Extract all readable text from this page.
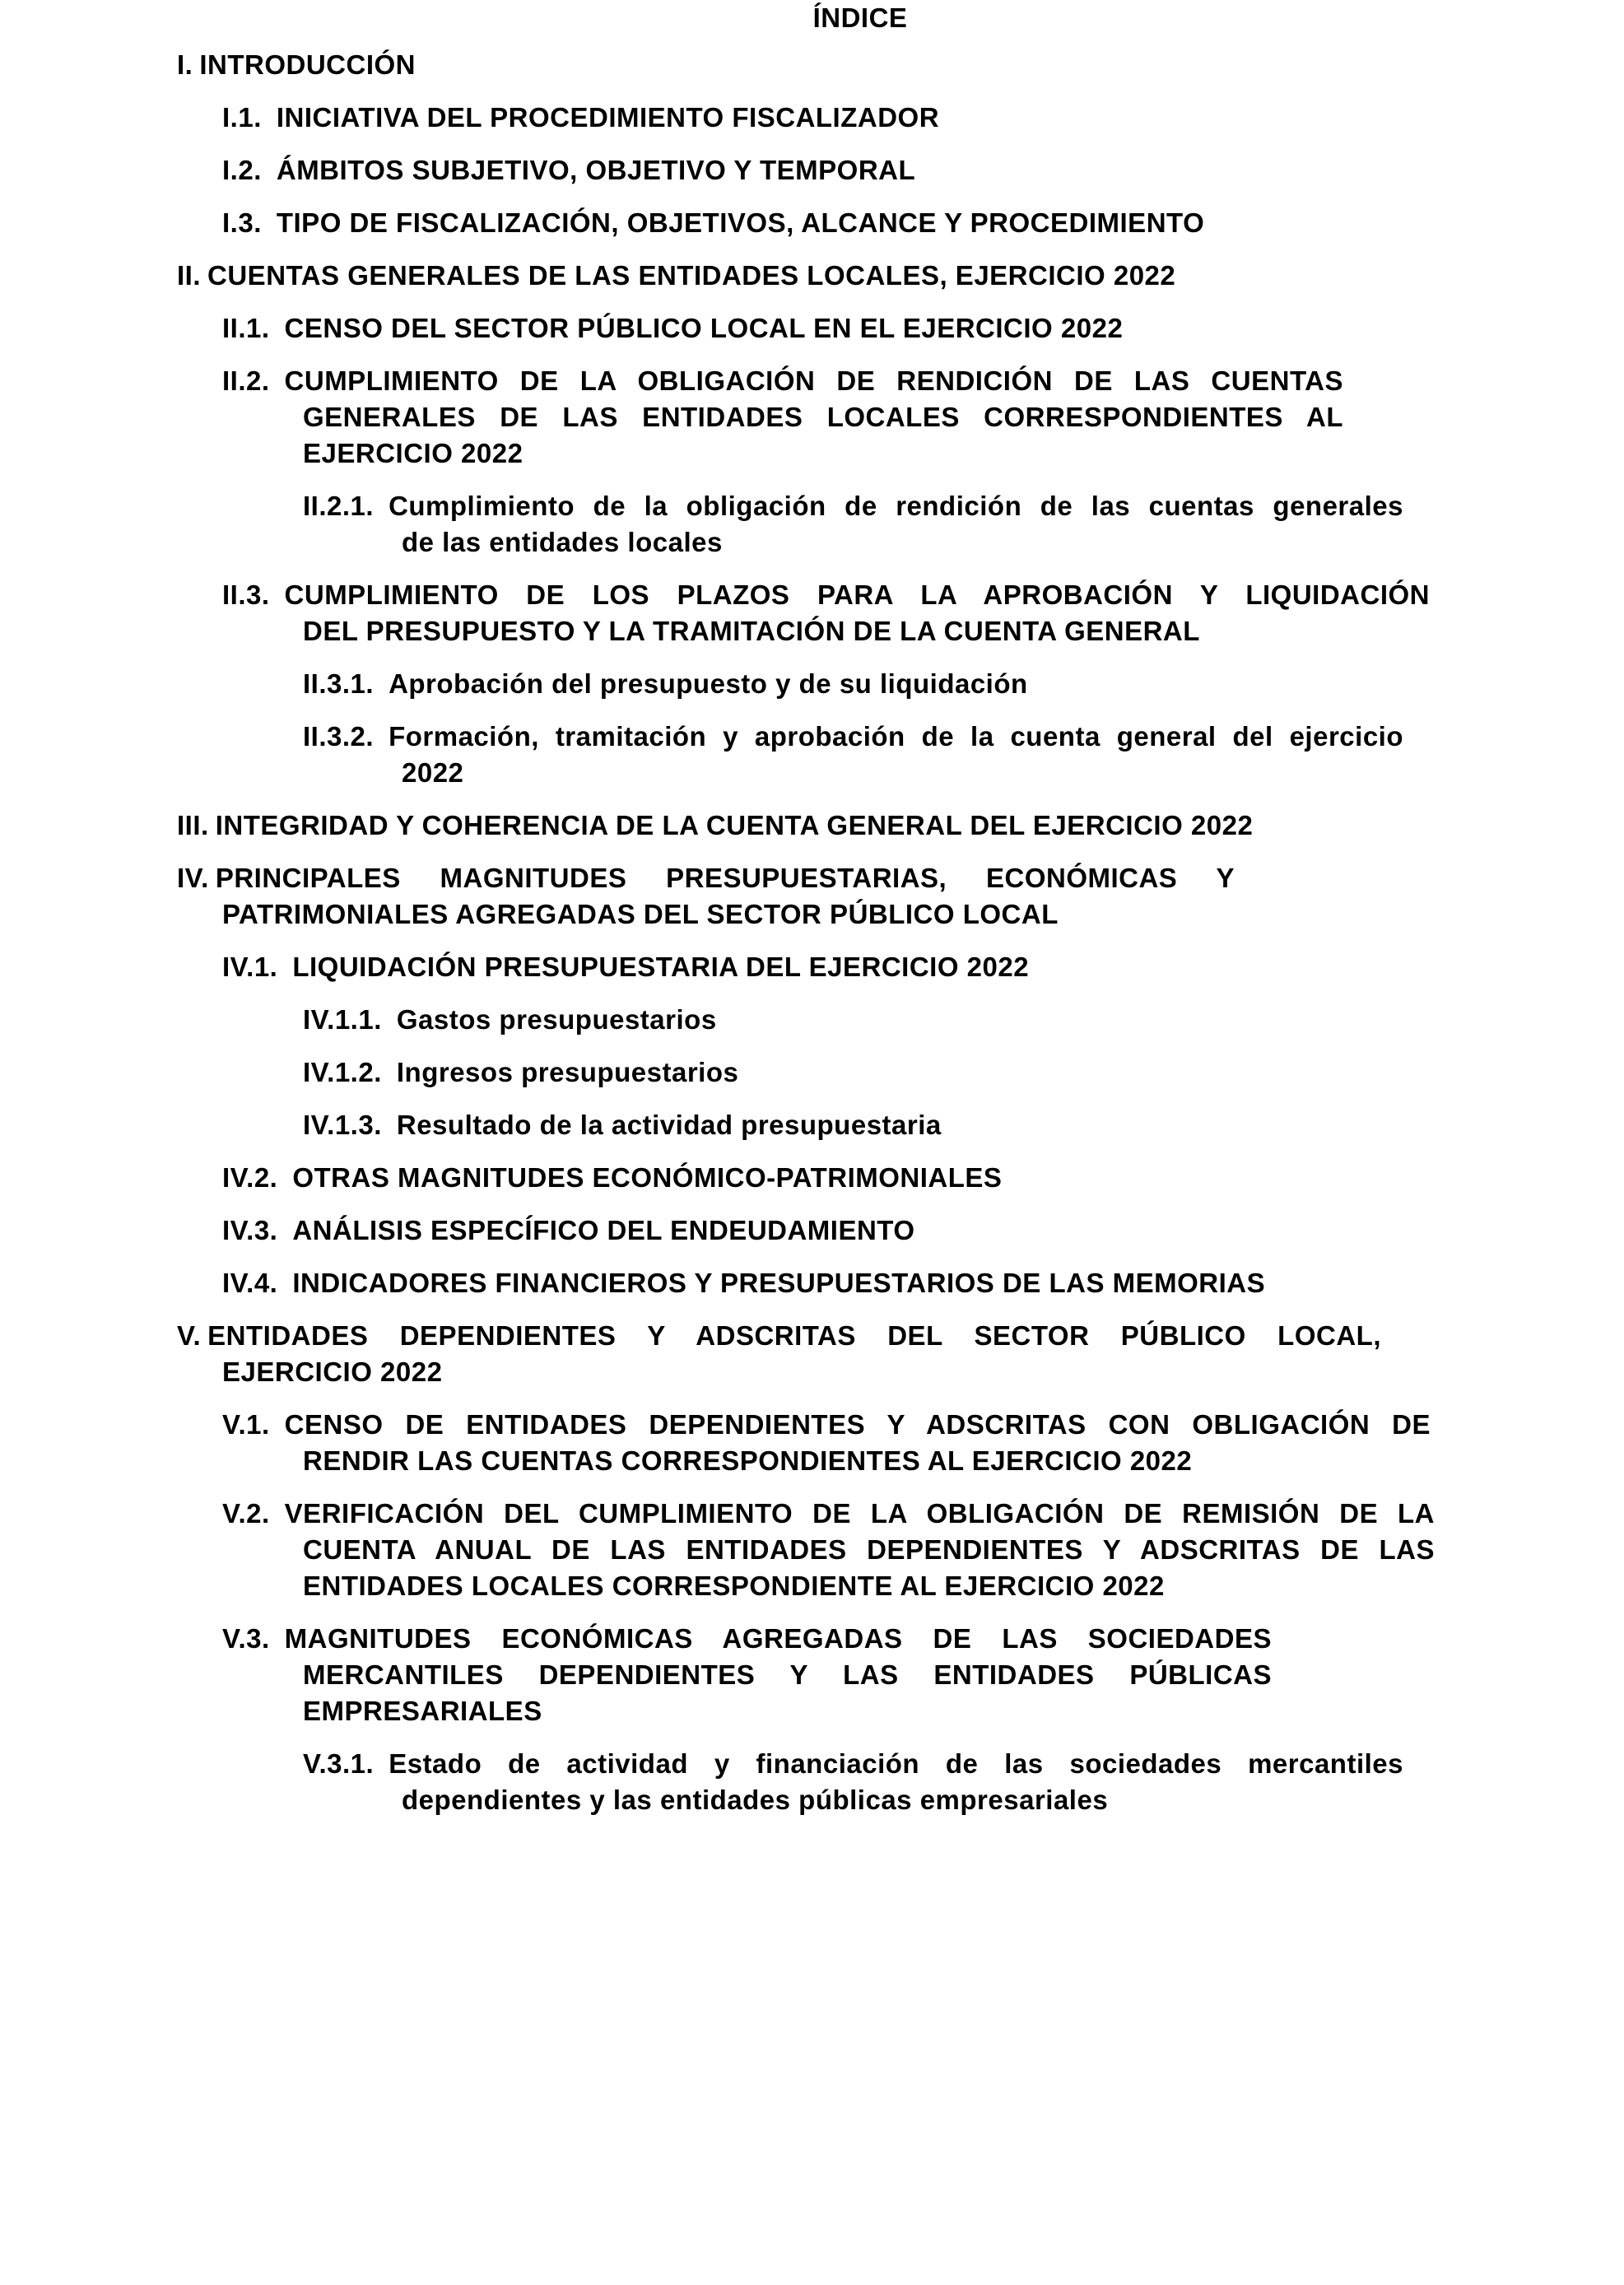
ÍNDICE
I. INTRODUCCIÓN
I.1. INICIATIVA DEL PROCEDIMIENTO FISCALIZADOR
I.2. ÁMBITOS SUBJETIVO, OBJETIVO Y TEMPORAL
I.3. TIPO DE FISCALIZACIÓN, OBJETIVOS, ALCANCE Y PROCEDIMIENTO
II. CUENTAS GENERALES DE LAS ENTIDADES LOCALES, EJERCICIO 2022
II.1. CENSO DEL SECTOR PÚBLICO LOCAL EN EL EJERCICIO 2022
II.2. CUMPLIMIENTO DE LA OBLIGACIÓN DE RENDICIÓN DE LAS CUENTAS
GENERALES DE LAS ENTIDADES LOCALES CORRESPONDIENTES AL
EJERCICIO 2022
II.2.1. Cumplimiento de la obligación de rendición de las cuentas generales
de las entidades locales
II.3. CUMPLIMIENTO DE LOS PLAZOS PARA LA APROBACIÓN Y LIQUIDACIÓN
DEL PRESUPUESTO Y LA TRAMITACIÓN DE LA CUENTA GENERAL
II.3.1. Aprobación del presupuesto y de su liquidación
II.3.2. Formación, tramitación y aprobación de la cuenta general del ejercicio
2022
III. INTEGRIDAD Y COHERENCIA DE LA CUENTA GENERAL DEL EJERCICIO 2022
IV. PRINCIPALES MAGNITUDES PRESUPUESTARIAS, ECONÓMICAS Y
PATRIMONIALES AGREGADAS DEL SECTOR PÚBLICO LOCAL
IV.1. LIQUIDACIÓN PRESUPUESTARIA DEL EJERCICIO 2022
IV.1.1. Gastos presupuestarios
IV.1.2. Ingresos presupuestarios
IV.1.3. Resultado de la actividad presupuestaria
IV.2. OTRAS MAGNITUDES ECONÓMICO-PATRIMONIALES
IV.3. ANÁLISIS ESPECÍFICO DEL ENDEUDAMIENTO
IV.4. INDICADORES FINANCIEROS Y PRESUPUESTARIOS DE LAS MEMORIAS
V. ENTIDADES DEPENDIENTES Y ADSCRITAS DEL SECTOR PÚBLICO LOCAL,
EJERCICIO 2022
V.1. CENSO DE ENTIDADES DEPENDIENTES Y ADSCRITAS CON OBLIGACIÓN DE
RENDIR LAS CUENTAS CORRESPONDIENTES AL EJERCICIO 2022
V.2. VERIFICACIÓN DEL CUMPLIMIENTO DE LA OBLIGACIÓN DE REMISIÓN DE LA
CUENTA ANUAL DE LAS ENTIDADES DEPENDIENTES Y ADSCRITAS DE LAS
ENTIDADES LOCALES CORRESPONDIENTE AL EJERCICIO 2022
V.3. MAGNITUDES ECONÓMICAS AGREGADAS DE LAS SOCIEDADES
MERCANTILES DEPENDIENTES Y LAS ENTIDADES PÚBLICAS
EMPRESARIALES
V.3.1. Estado de actividad y financiación de las sociedades mercantiles
dependientes y las entidades públicas empresariales
